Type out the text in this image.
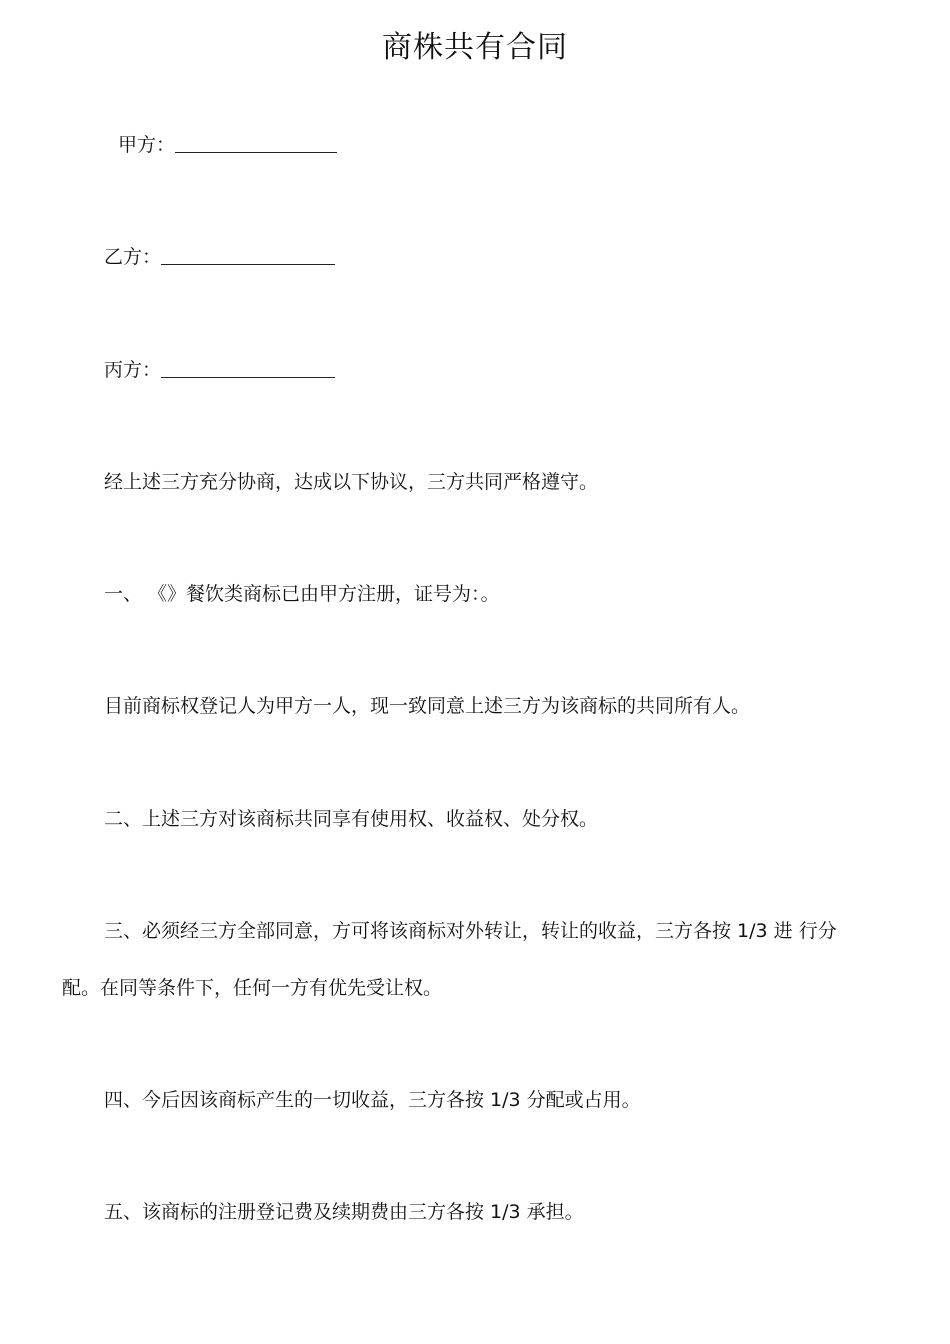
商株共有合同
甲方：
乙方：
丙方：
经上述三方充分协商，达成以下协议，三方共同严格遵守。
一、 《》餐饮类商标已由甲方注册，证号为：。
目前商标权登记人为甲方一人，现一致同意上述三方为该商标的共同所有人。
二、上述三方对该商标共同享有使用权、收益权、处分权。
三、必须经三方全部同意，方可将该商标对外转让，转让的收益，三方各按 1/3 进 行分
配。在同等条件下，任何一方有优先受让权。
四、今后因该商标产生的一切收益，三方各按 1/3 分配或占用。
五、该商标的注册登记费及续期费由三方各按 1/3 承担。
